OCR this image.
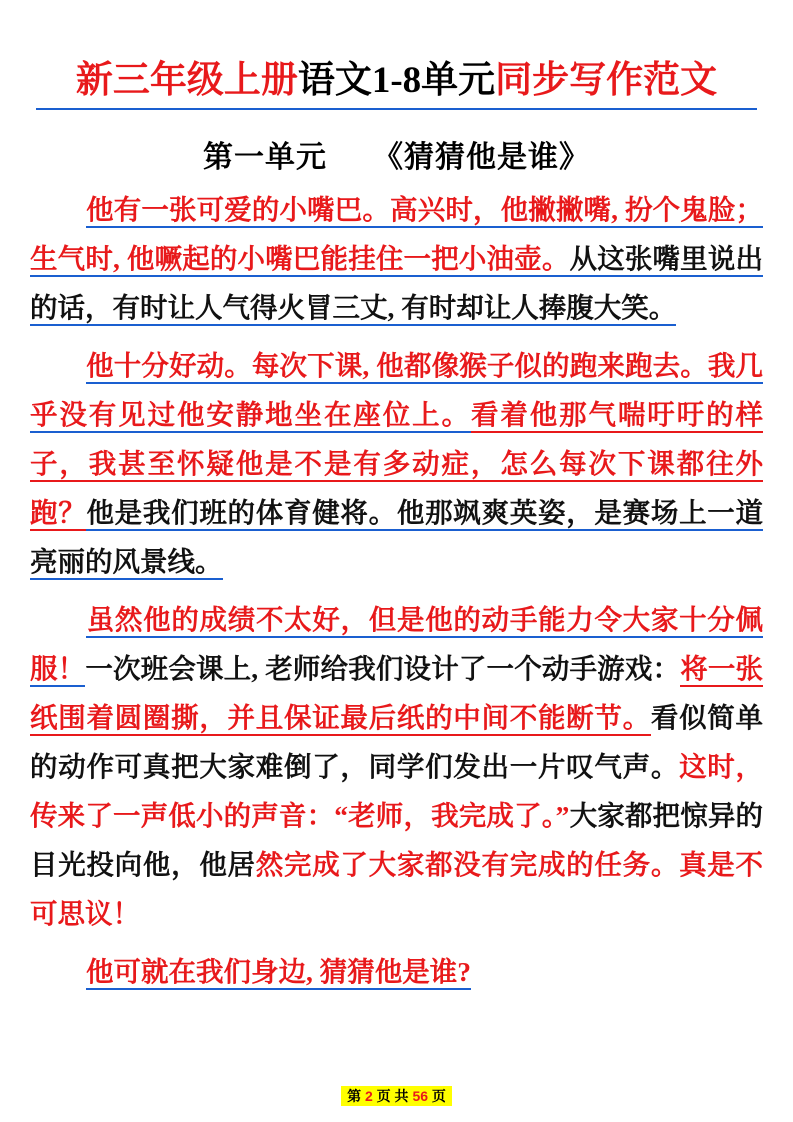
新三年级上册语文1-8单元同步写作范文
第一单元 《猜猜他是谁》
他有一张可爱的小嘴巴。高兴时，他撇撇嘴, 扮个鬼脸；生气时, 他噘起的小嘴巴能挂住一把小油壶。从这张嘴里说出的话，有时让人气得火冒三丈, 有时却让人捧腹大笑。
他十分好动。每次下课, 他都像猴子似的跑来跑去。我几乎没有见过他安静地坐在座位上。看着他那气喘吁吁的样子，我甚至怀疑他是不是有多动症，怎么每次下课都往外跑？他是我们班的体育健将。他那飒爽英姿，是赛场上一道亮丽的风景线。
虽然他的成绩不太好，但是他的动手能力令大家十分佩服！一次班会课上, 老师给我们设计了一个动手游戏：将一张纸围着圆圈撕，并且保证最后纸的中间不能断节。看似简单的动作可真把大家难倒了，同学们发出一片叹气声。这时，传来了一声低小的声音：“老师，我完成了。”大家都把惊异的目光投向他，他居然完成了大家都没有完成的任务。真是不可思议！
他可就在我们身边, 猜猜他是谁?
第 2 页 共 56 页
